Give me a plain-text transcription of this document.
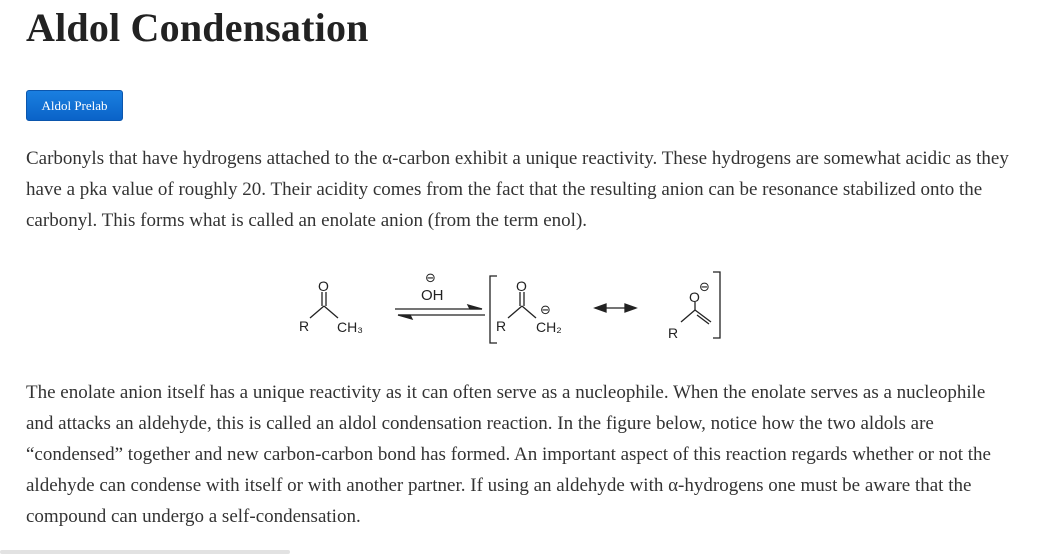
Aldol Condensation
Aldol Prelab

Carbonyls that have hydrogens attached to the α-carbon exhibit a unique reactivity. These hydrogens are somewhat acidic as they have a pka value of roughly 20. Their acidity comes from the fact that the resulting anion can be resonance stabilized onto the carbonyl. This forms what is called an enolate anion (from the term enol).

O
R CH₃
⊖
OH
O
R
⊖
CH₂
O
⊖
R

The enolate anion itself has a unique reactivity as it can often serve as a nucleophile. When the enolate serves as a nucleophile and attacks an aldehyde, this is called an aldol condensation reaction. In the figure below, notice how the two aldols are “condensed” together and new carbon-carbon bond has formed. An important aspect of this reaction regards whether or not the aldehyde can condense with itself or with another partner. If using an aldehyde with α-hydrogens one must be aware that the compound can undergo a self-condensation.
